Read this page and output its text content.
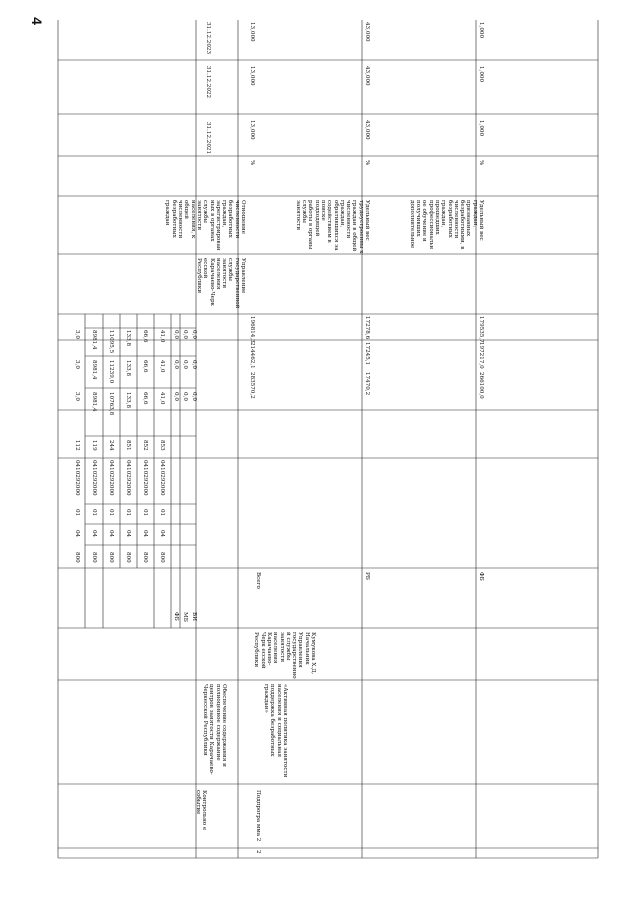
4
31.12.2021
31.12.2022
31.12.2023
Контрольно е событие
Обеспечение содержания и полноценное содержание центров занятости Карачаево-Черкесской Республики
2
Подпрогра мма 2
«Активная политика занятости населения и социальная поддержка безработных граждан»
Кумукова Х.Д. Начальник Управления государственно й службы занятости населения Карачаево-Черк есской Республики
Всего	РБ	ФБ
283570,2
214462,1
196814,3
17470,2
17245,1
17278,6
266100,0
197217,0
179535,7
Управление государственной службы занятости населения Карачаево-Черк есской Республики
Отношение численности безработных граждан, зарегистрирован ных в органах службы занятости населения, к общей численности безработных граждан
%
13,000
13,000
13,000
Удельный вес трудоустроенны х граждан в общей численности граждан, обратившихся за содействием в поиске подходящей работы в органы службы занятости
%
43,000
43,000
43,000
Удельный вес граждан, признанных безработными, в численности безработных граждан, прошедших профессиональн ое обучение и получивших дополнительное
%
1,000
1,000
1,000
800
04
01
0410292000
112
3,0
3,0
3,0
800
04
01
0410292000
119
8981,4
8981,4
8981,4
800
04
01
0410292000
244
10763,8
11239,0
11095,5
800
04
01
0410292000
851
133,8
133,8
133,8
800
04
01
0410292000
852
66,6
66,6
66,6
800
04
01
0410292000
853
41,0
41,0
41,0
0,0
0,0
0,0
0,0
0,0
0,0
0,0
0,0
0,0
ФБ МБ ВИ
